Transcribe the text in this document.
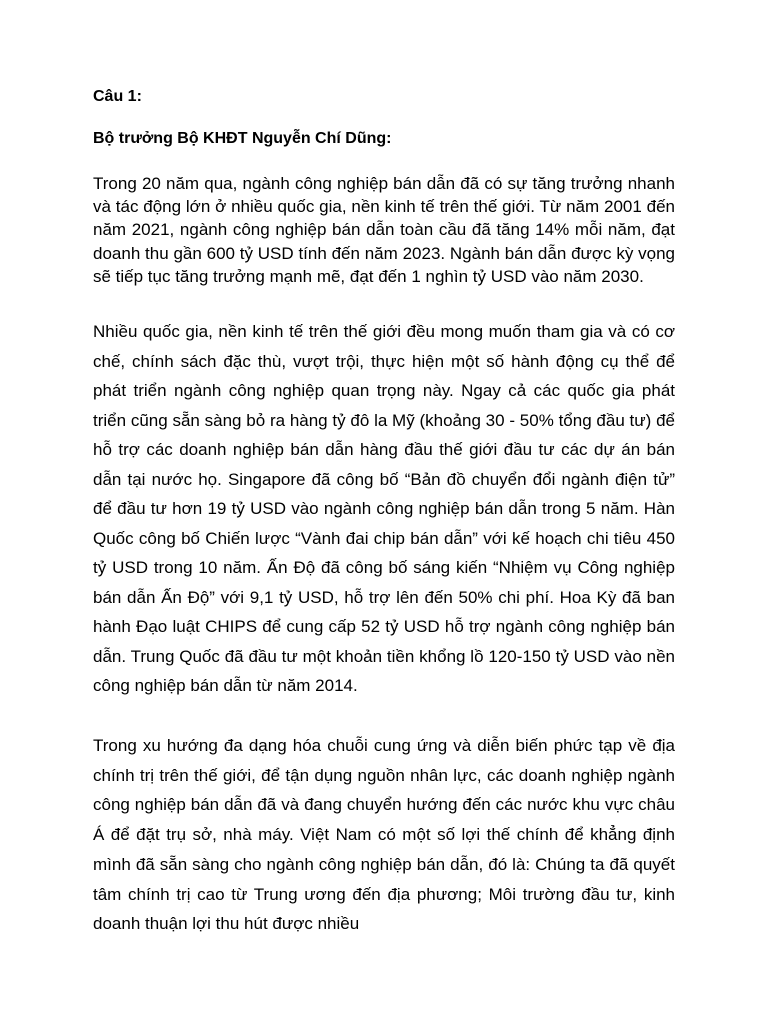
Câu 1:
Bộ trưởng Bộ KHĐT Nguyễn Chí Dũng:
Trong 20 năm qua, ngành công nghiệp bán dẫn đã có sự tăng trưởng nhanh và tác động lớn ở nhiều quốc gia, nền kinh tế trên thế giới. Từ năm 2001 đến năm 2021, ngành công nghiệp bán dẫn toàn cầu đã tăng 14% mỗi năm, đạt doanh thu gần 600 tỷ USD tính đến năm 2023. Ngành bán dẫn được kỳ vọng sẽ tiếp tục tăng trưởng mạnh mẽ, đạt đến 1 nghìn tỷ USD vào năm 2030.
Nhiều quốc gia, nền kinh tế trên thế giới đều mong muốn tham gia và có cơ chế, chính sách đặc thù, vượt trội, thực hiện một số hành động cụ thể để phát triển ngành công nghiệp quan trọng này. Ngay cả các quốc gia phát triển cũng sẵn sàng bỏ ra hàng tỷ đô la Mỹ (khoảng 30 - 50% tổng đầu tư) để hỗ trợ các doanh nghiệp bán dẫn hàng đầu thế giới đầu tư các dự án bán dẫn tại nước họ. Singapore đã công bố “Bản đồ chuyển đổi ngành điện tử” để đầu tư hơn 19 tỷ USD vào ngành công nghiệp bán dẫn trong 5 năm. Hàn Quốc công bố Chiến lược “Vành đai chip bán dẫn” với kế hoạch chi tiêu 450 tỷ USD trong 10 năm. Ấn Độ đã công bố sáng kiến “Nhiệm vụ Công nghiệp bán dẫn Ấn Độ” với 9,1 tỷ USD, hỗ trợ lên đến 50% chi phí. Hoa Kỳ đã ban hành Đạo luật CHIPS để cung cấp 52 tỷ USD hỗ trợ ngành công nghiệp bán dẫn. Trung Quốc đã đầu tư một khoản tiền khổng lồ 120-150 tỷ USD vào nền công nghiệp bán dẫn từ năm 2014.
Trong xu hướng đa dạng hóa chuỗi cung ứng và diễn biến phức tạp về địa chính trị trên thế giới, để tận dụng nguồn nhân lực, các doanh nghiệp ngành công nghiệp bán dẫn đã và đang chuyển hướng đến các nước khu vực châu Á để đặt trụ sở, nhà máy. Việt Nam có một số lợi thế chính để khẳng định mình đã sẵn sàng cho ngành công nghiệp bán dẫn, đó là: Chúng ta đã quyết tâm chính trị cao từ Trung ương đến địa phương; Môi trường đầu tư, kinh doanh thuận lợi thu hút được nhiều
